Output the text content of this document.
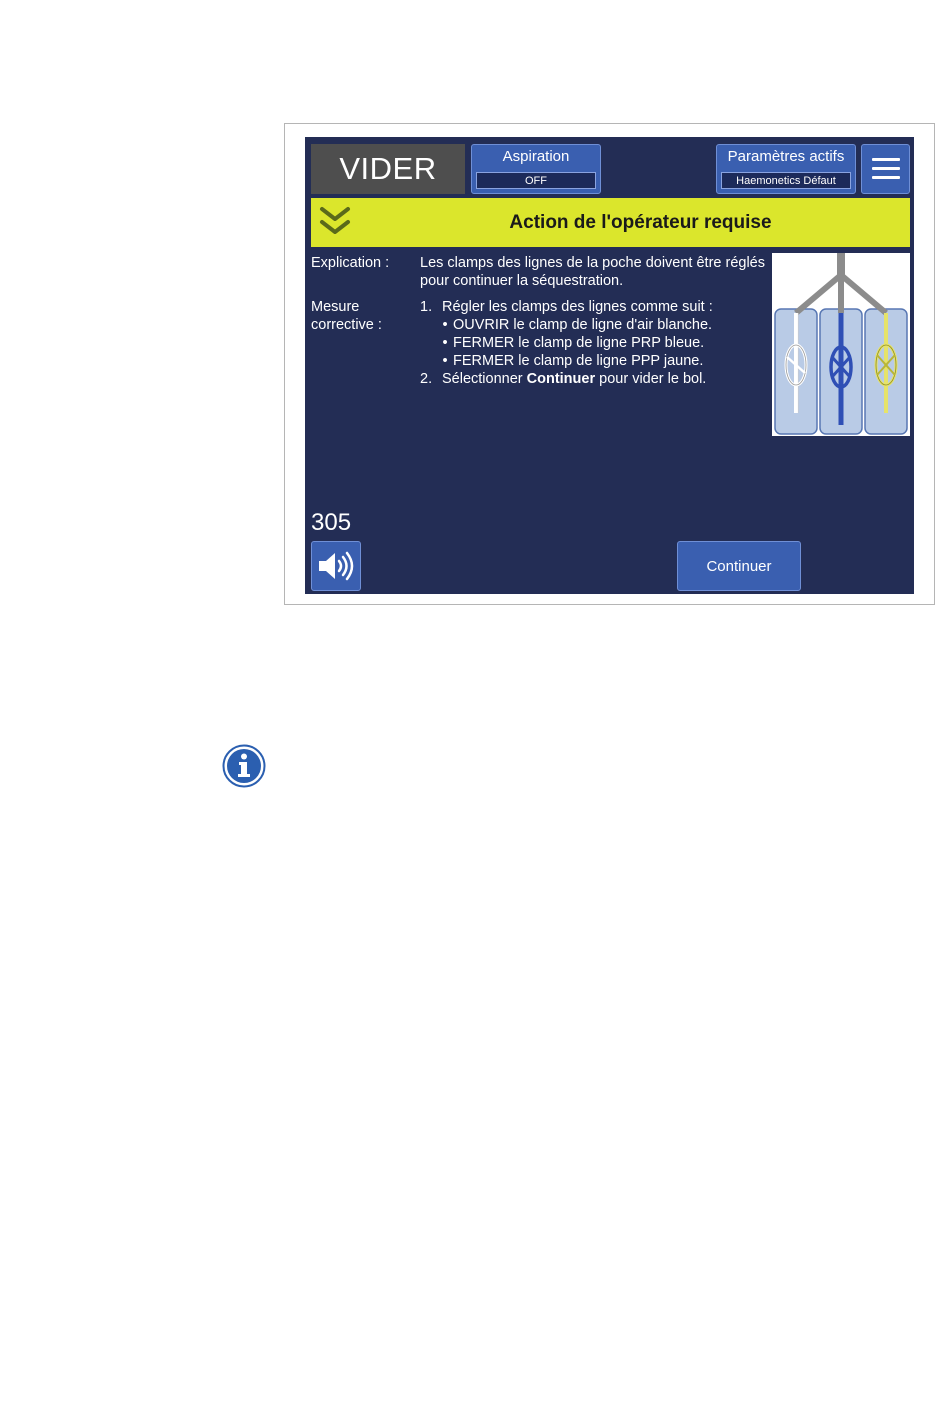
VIDER	Aspiration
OFF
Paramètres actifs
Haemonetics Défaut
Action de l'opérateur requise
Explication : Les clamps des lignes de la poche doivent être réglés pour continuer la séquestration.
Mesure corrective :
1. Régler les clamps des lignes comme suit :
• OUVRIR le clamp de ligne d'air blanche.
• FERMER le clamp de ligne PRP bleue.
• FERMER le clamp de ligne PPP jaune.
2. Sélectionner Continuer pour vider le bol.
305
Continuer
